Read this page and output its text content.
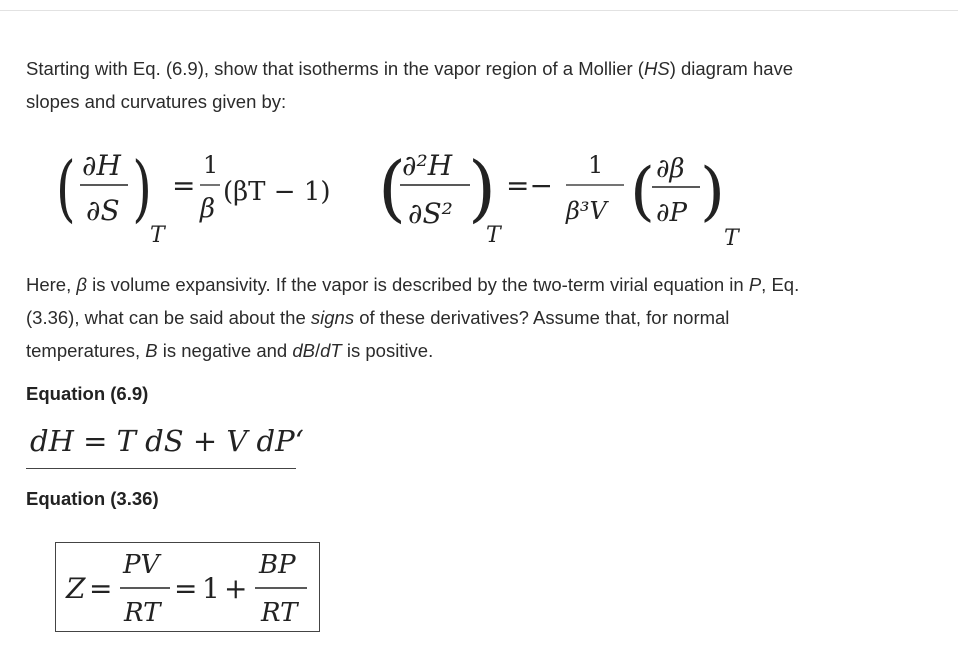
Starting with Eq. (6.9), show that isotherms in the vapor region of a Mollier (HS) diagram have
slopes and curvatures given by:
( ∂H
∂S )
T
=
1
β
(βT − 1) (
∂²H
∂S² )
T
=−
1
β³V ( ∂β
∂P )
T
Here, β is volume expansivity. If the vapor is described by the two-term virial equation in P, Eq.
(3.36), what can be said about the signs of these derivatives? Assume that, for normal
temperatures, B is negative and dB/dT is positive.
Equation (6.9)
dH = T dS + V dP‘
Equation (3.36)
Z =
PV
RT
= 1 +
BP
RT
